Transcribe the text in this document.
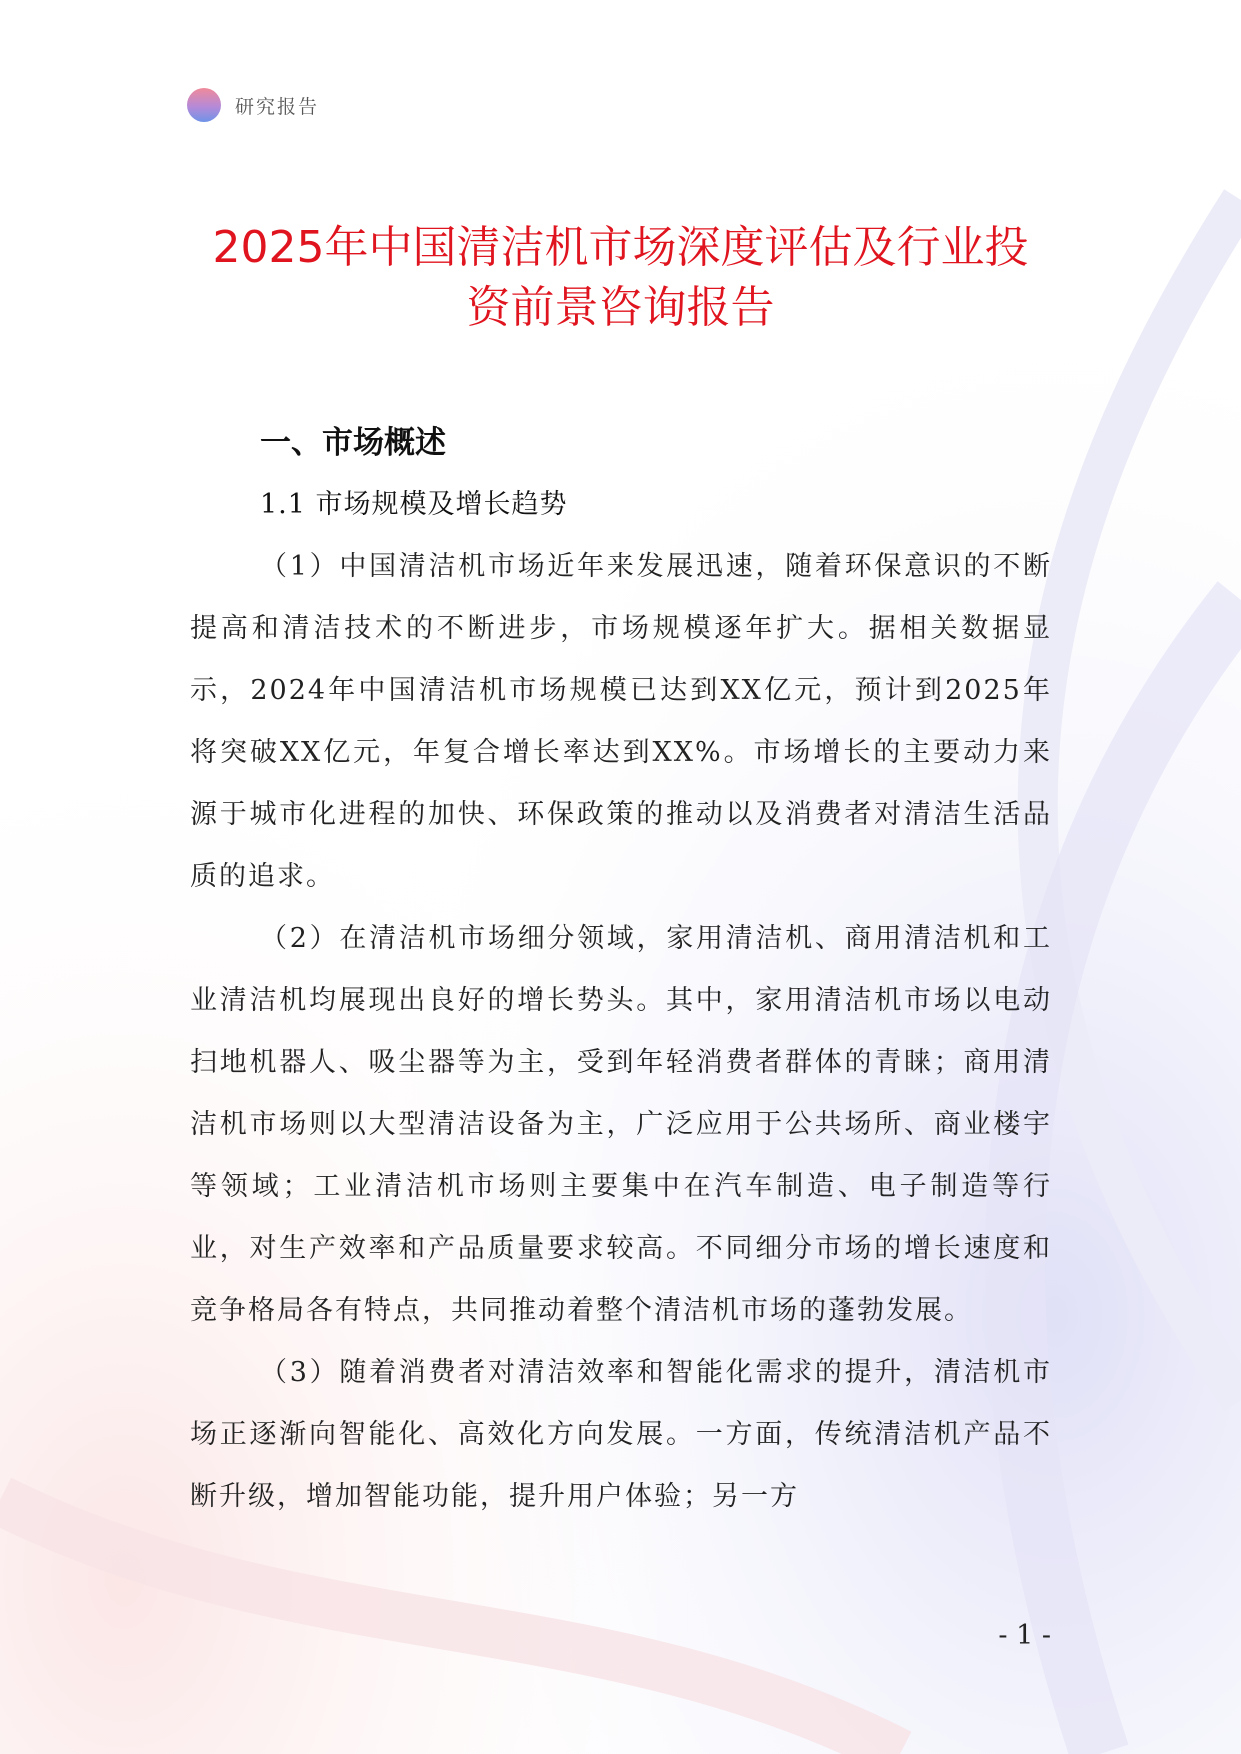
研究报告
2025年中国清洁机市场深度评估及行业投
资前景咨询报告
一、市场概述
1.1 市场规模及增长趋势

（1）中国清洁机市场近年来发展迅速，随着环保意识的不断提高和清洁技术的不断进步，市场规模逐年扩大。据相关数据显示，2024年中国清洁机市场规模已达到XX亿元，预计到2025年将突破XX亿元，年复合增长率达到XX%。市场增长的主要动力来源于城市化进程的加快、环保政策的推动以及消费者对清洁生活品质的追求。

（2）在清洁机市场细分领域，家用清洁机、商用清洁机和工业清洁机均展现出良好的增长势头。其中，家用清洁机市场以电动扫地机器人、吸尘器等为主，受到年轻消费者群体的青睐；商用清洁机市场则以大型清洁设备为主，广泛应用于公共场所、商业楼宇等领域；工业清洁机市场则主要集中在汽车制造、电子制造等行业，对生产效率和产品质量要求较高。不同细分市场的增长速度和竞争格局各有特点，共同推动着整个清洁机市场的蓬勃发展。

（3）随着消费者对清洁效率和智能化需求的提升，清洁机市场正逐渐向智能化、高效化方向发展。一方面，传统清洁机产品不断升级，增加智能功能，提升用户体验；另一方

- 1 -
